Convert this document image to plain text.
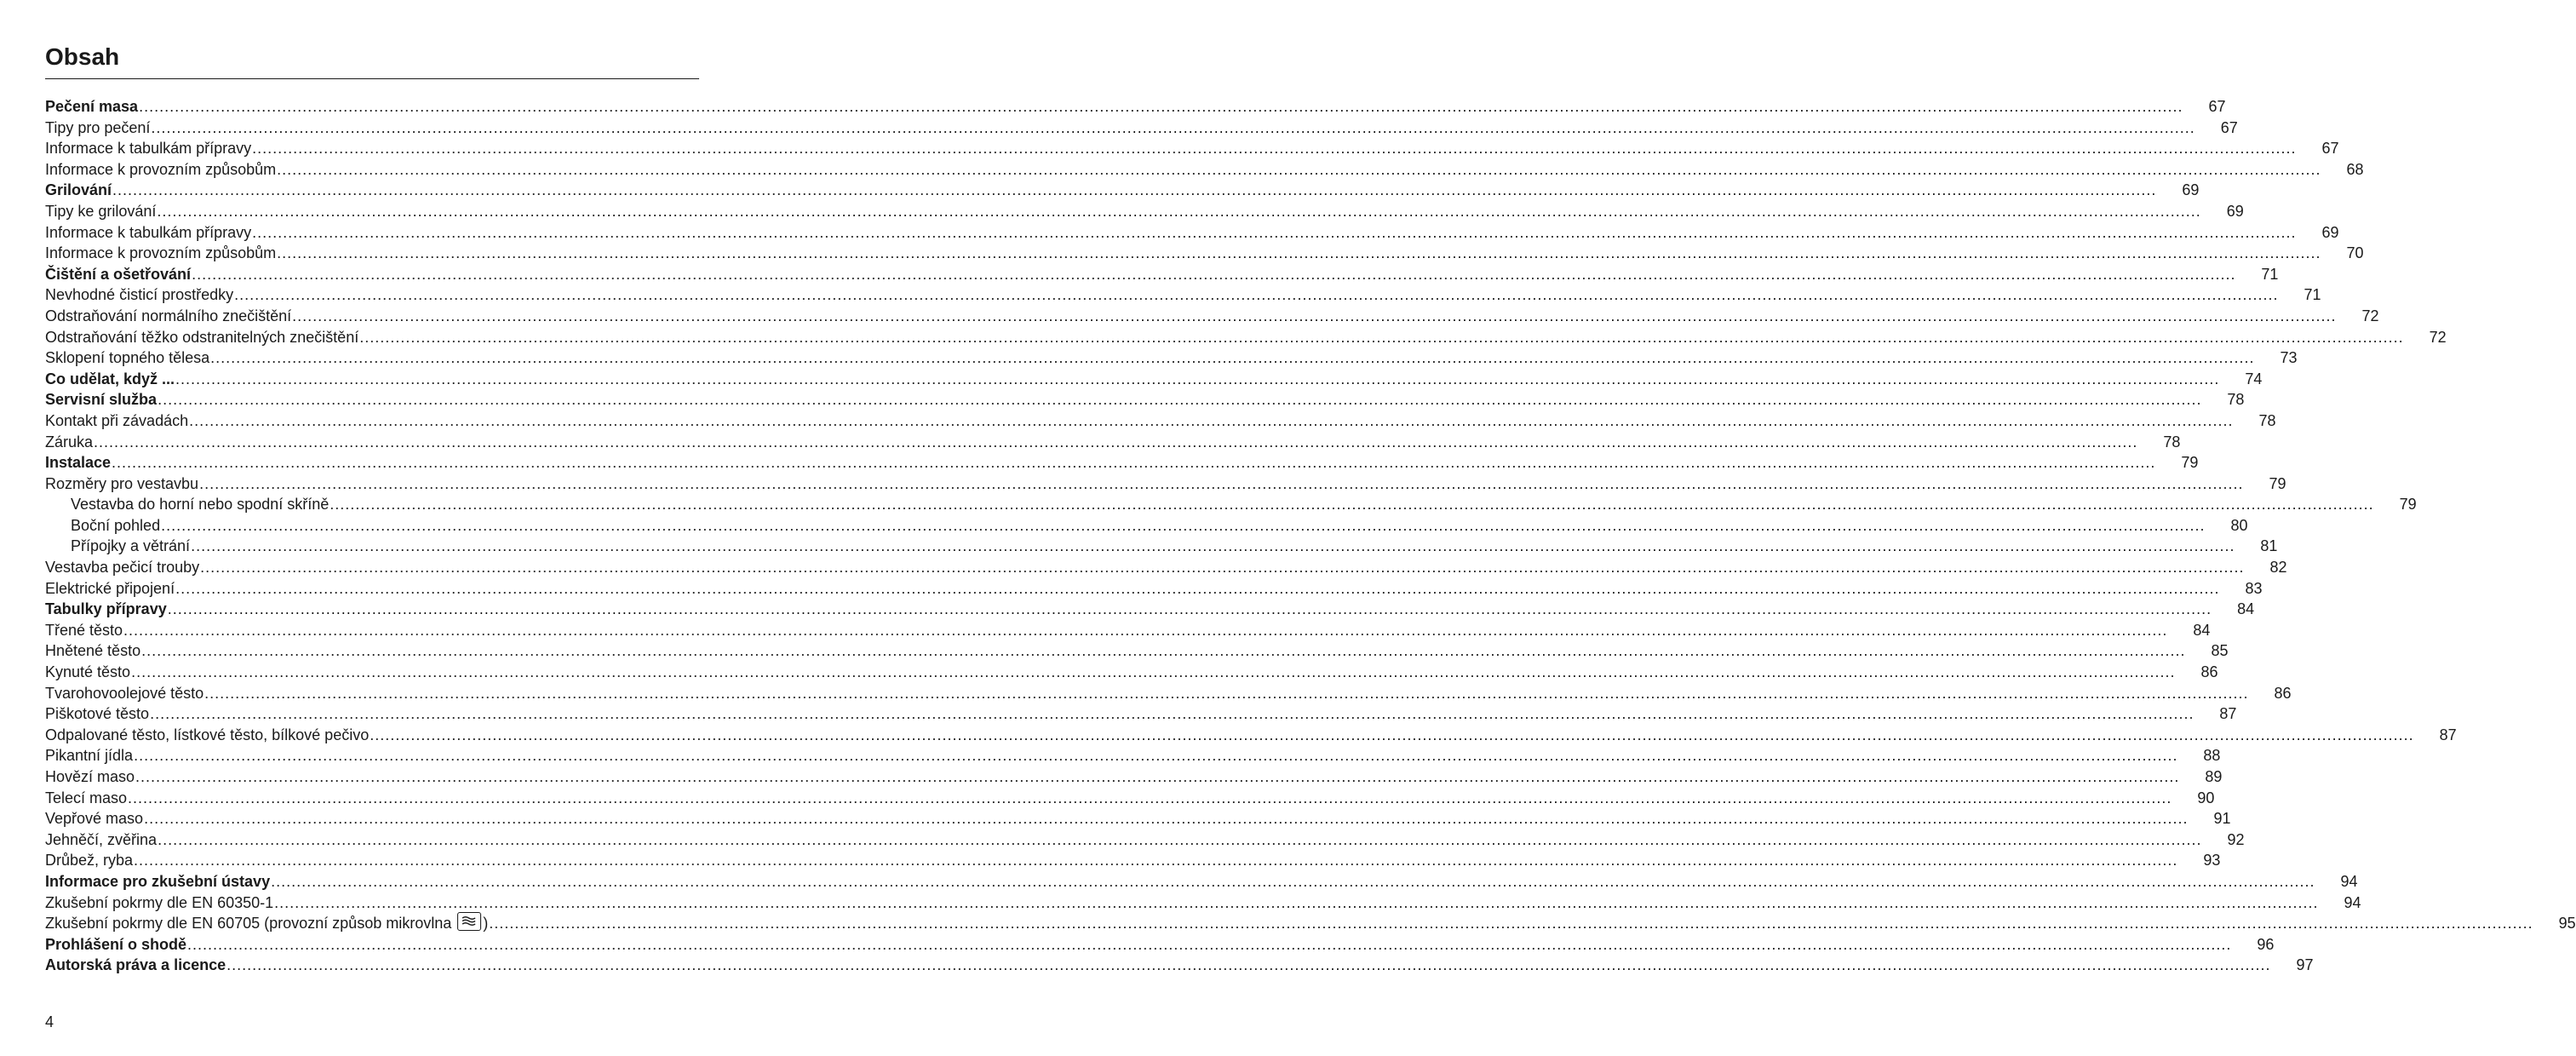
Obsah
Pečení masa ................................................................................................................................................................................................................................................................................................................................................................................................................	67
Tipy pro pečení ................................................................................................................................................................................................................................................................................................................................................................................................................	67
Informace k tabulkám přípravy ................................................................................................................................................................................................................................................................................................................................................................................................................	67
Informace k provozním způsobům ................................................................................................................................................................................................................................................................................................................................................................................................................	68
Grilování ................................................................................................................................................................................................................................................................................................................................................................................................................	69
Tipy ke grilování ................................................................................................................................................................................................................................................................................................................................................................................................................	69
Informace k tabulkám přípravy ................................................................................................................................................................................................................................................................................................................................................................................................................	69
Informace k provozním způsobům ................................................................................................................................................................................................................................................................................................................................................................................................................	70
Čištění a ošetřování ................................................................................................................................................................................................................................................................................................................................................................................................................	71
Nevhodné čisticí prostředky ................................................................................................................................................................................................................................................................................................................................................................................................................	71
Odstraňování normálního znečištění ................................................................................................................................................................................................................................................................................................................................................................................................................	72
Odstraňování těžko odstranitelných znečištění ................................................................................................................................................................................................................................................................................................................................................................................................................	72
Sklopení topného tělesa ................................................................................................................................................................................................................................................................................................................................................................................................................	73
Co udělat, když ... ................................................................................................................................................................................................................................................................................................................................................................................................................	74
Servisní služba ................................................................................................................................................................................................................................................................................................................................................................................................................	78
Kontakt při závadách ................................................................................................................................................................................................................................................................................................................................................................................................................	78
Záruka ................................................................................................................................................................................................................................................................................................................................................................................................................	78
Instalace ................................................................................................................................................................................................................................................................................................................................................................................................................	79
Rozměry pro vestavbu ................................................................................................................................................................................................................................................................................................................................................................................................................	79
Vestavba do horní nebo spodní skříně ................................................................................................................................................................................................................................................................................................................................................................................................................	79
Boční pohled ................................................................................................................................................................................................................................................................................................................................................................................................................	80
Přípojky a větrání ................................................................................................................................................................................................................................................................................................................................................................................................................	81
Vestavba pečicí trouby ................................................................................................................................................................................................................................................................................................................................................................................................................	82
Elektrické připojení ................................................................................................................................................................................................................................................................................................................................................................................................................	83
Tabulky přípravy ................................................................................................................................................................................................................................................................................................................................................................................................................	84
Třené těsto ................................................................................................................................................................................................................................................................................................................................................................................................................	84
Hnětené těsto ................................................................................................................................................................................................................................................................................................................................................................................................................	85
Kynuté těsto ................................................................................................................................................................................................................................................................................................................................................................................................................	86
Tvarohovoolejové těsto ................................................................................................................................................................................................................................................................................................................................................................................................................	86
Piškotové těsto ................................................................................................................................................................................................................................................................................................................................................................................................................	87
Odpalované těsto, lístkové těsto, bílkové pečivo ................................................................................................................................................................................................................................................................................................................................................................................................................	87
Pikantní jídla ................................................................................................................................................................................................................................................................................................................................................................................................................	88
Hovězí maso ................................................................................................................................................................................................................................................................................................................................................................................................................	89
Telecí maso ................................................................................................................................................................................................................................................................................................................................................................................................................	90
Vepřové maso ................................................................................................................................................................................................................................................................................................................................................................................................................	91
Jehněčí, zvěřina ................................................................................................................................................................................................................................................................................................................................................................................................................	92
Drůbež, ryba ................................................................................................................................................................................................................................................................................................................................................................................................................	93
Informace pro zkušební ústavy ................................................................................................................................................................................................................................................................................................................................................................................................................	94
Zkušební pokrmy dle EN 60350-1 ................................................................................................................................................................................................................................................................................................................................................................................................................	94
Zkušební pokrmy dle EN 60705 (provozní způsob mikrovlna
) ................................................................................................................................................................................................................................................................................................................................................................................................................	95
Prohlášení o shodě ................................................................................................................................................................................................................................................................................................................................................................................................................	96
Autorská práva a licence ................................................................................................................................................................................................................................................................................................................................................................................................................	97
4
